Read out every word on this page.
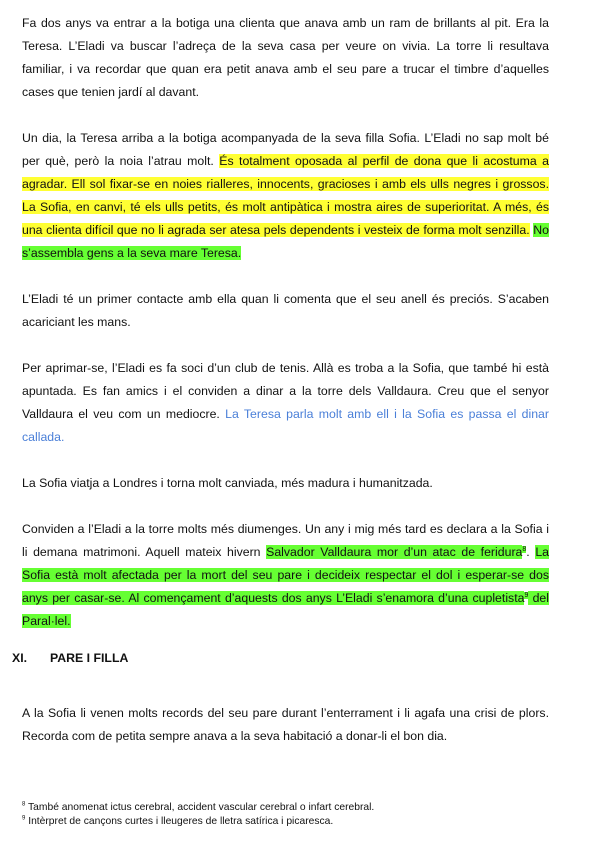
Fa dos anys va entrar a la botiga una clienta que anava amb un ram de brillants al pit. Era la Teresa. L’Eladi va buscar l’adreça de la seva casa per veure on vivia. La torre li resultava familiar, i va recordar que quan era petit anava amb el seu pare a trucar el timbre d’aquelles cases que tenien jardí al davant.

Un dia, la Teresa arriba a la botiga acompanyada de la seva filla Sofia. L’Eladi no sap molt bé per què, però la noia l’atrau molt. És totalment oposada al perfil de dona que li acostuma a agradar. Ell sol fixar-se en noies rialleres, innocents, gracioses i amb els ulls negres i grossos. La Sofia, en canvi, té els ulls petits, és molt antipàtica i mostra aires de superioritat. A més, és una clienta difícil que no li agrada ser atesa pels dependents i vesteix de forma molt senzilla. No s’assembla gens a la seva mare Teresa.

L’Eladi té un primer contacte amb ella quan li comenta que el seu anell és preciós. S’acaben acariciant les mans.

Per aprimar-se, l’Eladi es fa soci d’un club de tenis. Allà es troba a la Sofia, que també hi està apuntada. Es fan amics i el conviden a dinar a la torre dels Valldaura. Creu que el senyor Valldaura el veu com un mediocre. La Teresa parla molt amb ell i la Sofia es passa el dinar callada.

La Sofia viatja a Londres i torna molt canviada, més madura i humanitzada.

Conviden a l’Eladi a la torre molts més diumenges. Un any i mig més tard es declara a la Sofia i li demana matrimoni. Aquell mateix hivern Salvador Valldaura mor d’un atac de feridura$^8$. La Sofia està molt afectada per la mort del seu pare i decideix respectar el dol i esperar-se dos anys per casar-se. Al començament d’aquests dos anys L’Eladi s’enamora d’una cupletista$^9$ del Paral·lel.

A la Sofia li venen molts records del seu pare durant l’enterrament i li agafa una crisi de plors. Recorda com de petita sempre anava a la seva habitació a donar-li el bon dia.

XI. PARE I FILLA
$^8$ També anomenat ictus cerebral, accident vascular cerebral o infart cerebral.
$^9$ Intèrpret de cançons curtes i lleugeres de lletra satírica i picaresca.
